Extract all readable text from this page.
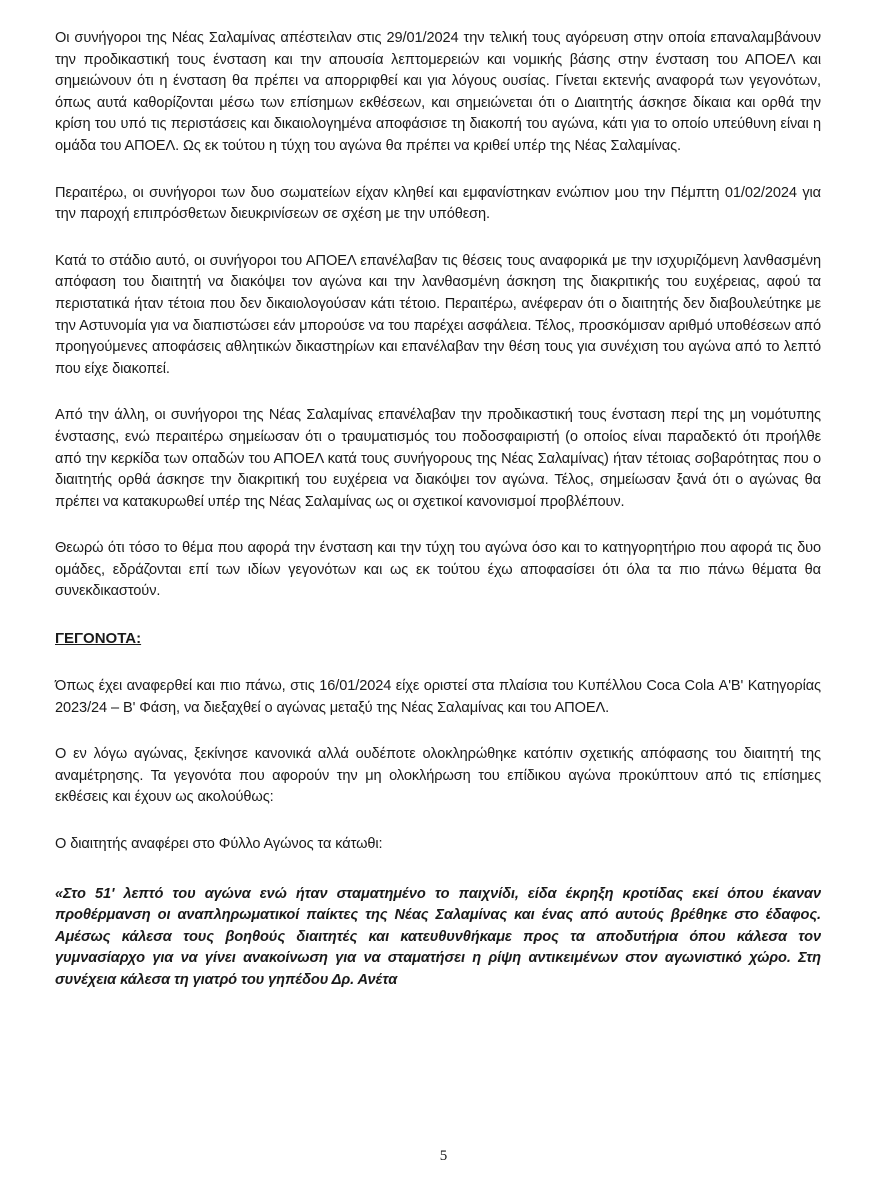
Οι συνήγοροι της Νέας Σαλαμίνας απέστειλαν στις 29/01/2024 την τελική τους αγόρευση στην οποία επαναλαμβάνουν την προδικαστική τους ένσταση και την απουσία λεπτομερειών και νομικής βάσης στην ένσταση του ΑΠΟΕΛ και σημειώνουν ότι η ένσταση θα πρέπει να απορριφθεί και για λόγους ουσίας. Γίνεται εκτενής αναφορά των γεγονότων, όπως αυτά καθορίζονται μέσω των επίσημων εκθέσεων, και σημειώνεται ότι ο Διαιτητής άσκησε δίκαια και ορθά την κρίση του υπό τις περιστάσεις και δικαιολογημένα αποφάσισε τη διακοπή του αγώνα, κάτι για το οποίο υπεύθυνη είναι η ομάδα του ΑΠΟΕΛ. Ως εκ τούτου η τύχη του αγώνα θα πρέπει να κριθεί υπέρ της Νέας Σαλαμίνας.

Περαιτέρω, οι συνήγοροι των δυο σωματείων είχαν κληθεί και εμφανίστηκαν ενώπιον μου την Πέμπτη 01/02/2024 για την παροχή επιπρόσθετων διευκρινίσεων σε σχέση με την υπόθεση.

Κατά το στάδιο αυτό, οι συνήγοροι του ΑΠΟΕΛ επανέλαβαν τις θέσεις τους αναφορικά με την ισχυριζόμενη λανθασμένη απόφαση του διαιτητή να διακόψει τον αγώνα και την λανθασμένη άσκηση της διακριτικής του ευχέρειας, αφού τα περιστατικά ήταν τέτοια που δεν δικαιολογούσαν κάτι τέτοιο. Περαιτέρω, ανέφεραν ότι ο διαιτητής δεν διαβουλεύτηκε με την Αστυνομία για να διαπιστώσει εάν μπορούσε να του παρέχει ασφάλεια. Τέλος, προσκόμισαν αριθμό υποθέσεων από προηγούμενες αποφάσεις αθλητικών δικαστηρίων και επανέλαβαν την θέση τους για συνέχιση του αγώνα από το λεπτό που είχε διακοπεί.

Από την άλλη, οι συνήγοροι της Νέας Σαλαμίνας επανέλαβαν την προδικαστική τους ένσταση περί της μη νομότυπης ένστασης, ενώ περαιτέρω σημείωσαν ότι ο τραυματισμός του ποδοσφαιριστή (ο οποίος είναι παραδεκτό ότι προήλθε από την κερκίδα των οπαδών του ΑΠΟΕΛ κατά τους συνήγορους της Νέας Σαλαμίνας) ήταν τέτοιας σοβαρότητας που ο διαιτητής ορθά άσκησε την διακριτική του ευχέρεια να διακόψει τον αγώνα. Τέλος, σημείωσαν ξανά ότι ο αγώνας θα πρέπει να κατακυρωθεί υπέρ της Νέας Σαλαμίνας ως οι σχετικοί κανονισμοί προβλέπουν.

Θεωρώ ότι τόσο το θέμα που αφορά την ένσταση και την τύχη του αγώνα όσο και το κατηγορητήριο που αφορά τις δυο ομάδες, εδράζονται επί των ιδίων γεγονότων και ως εκ τούτου έχω αποφασίσει ότι όλα τα πιο πάνω θέματα θα συνεκδικαστούν.

ΓΕΓΟΝΟΤΑ:

Όπως έχει αναφερθεί και πιο πάνω, στις 16/01/2024 είχε οριστεί στα πλαίσια του Κυπέλλου Coca Cola Α'Β' Κατηγορίας 2023/24 – Β' Φάση, να διεξαχθεί ο αγώνας μεταξύ της Νέας Σαλαμίνας και του ΑΠΟΕΛ.

Ο εν λόγω αγώνας, ξεκίνησε κανονικά αλλά ουδέποτε ολοκληρώθηκε κατόπιν σχετικής απόφασης του διαιτητή της αναμέτρησης. Τα γεγονότα που αφορούν την μη ολοκλήρωση του επίδικου αγώνα προκύπτουν από τις επίσημες εκθέσεις και έχουν ως ακολούθως:

Ο διαιτητής αναφέρει στο Φύλλο Αγώνος τα κάτωθι:

«Στο 51' λεπτό του αγώνα ενώ ήταν σταματημένο το παιχνίδι, είδα έκρηξη κροτίδας εκεί όπου έκαναν προθέρμανση οι αναπληρωματικοί παίκτες της Νέας Σαλαμίνας και ένας από αυτούς βρέθηκε στο έδαφος. Αμέσως κάλεσα τους βοηθούς διαιτητές και κατευθυνθήκαμε προς τα αποδυτήρια όπου κάλεσα τον γυμνασίαρχο για να γίνει ανακοίνωση για να σταματήσει η ρίψη αντικειμένων στον αγωνιστικό χώρο. Στη συνέχεια κάλεσα τη γιατρό του γηπέδου Δρ. Ανέτα

5
